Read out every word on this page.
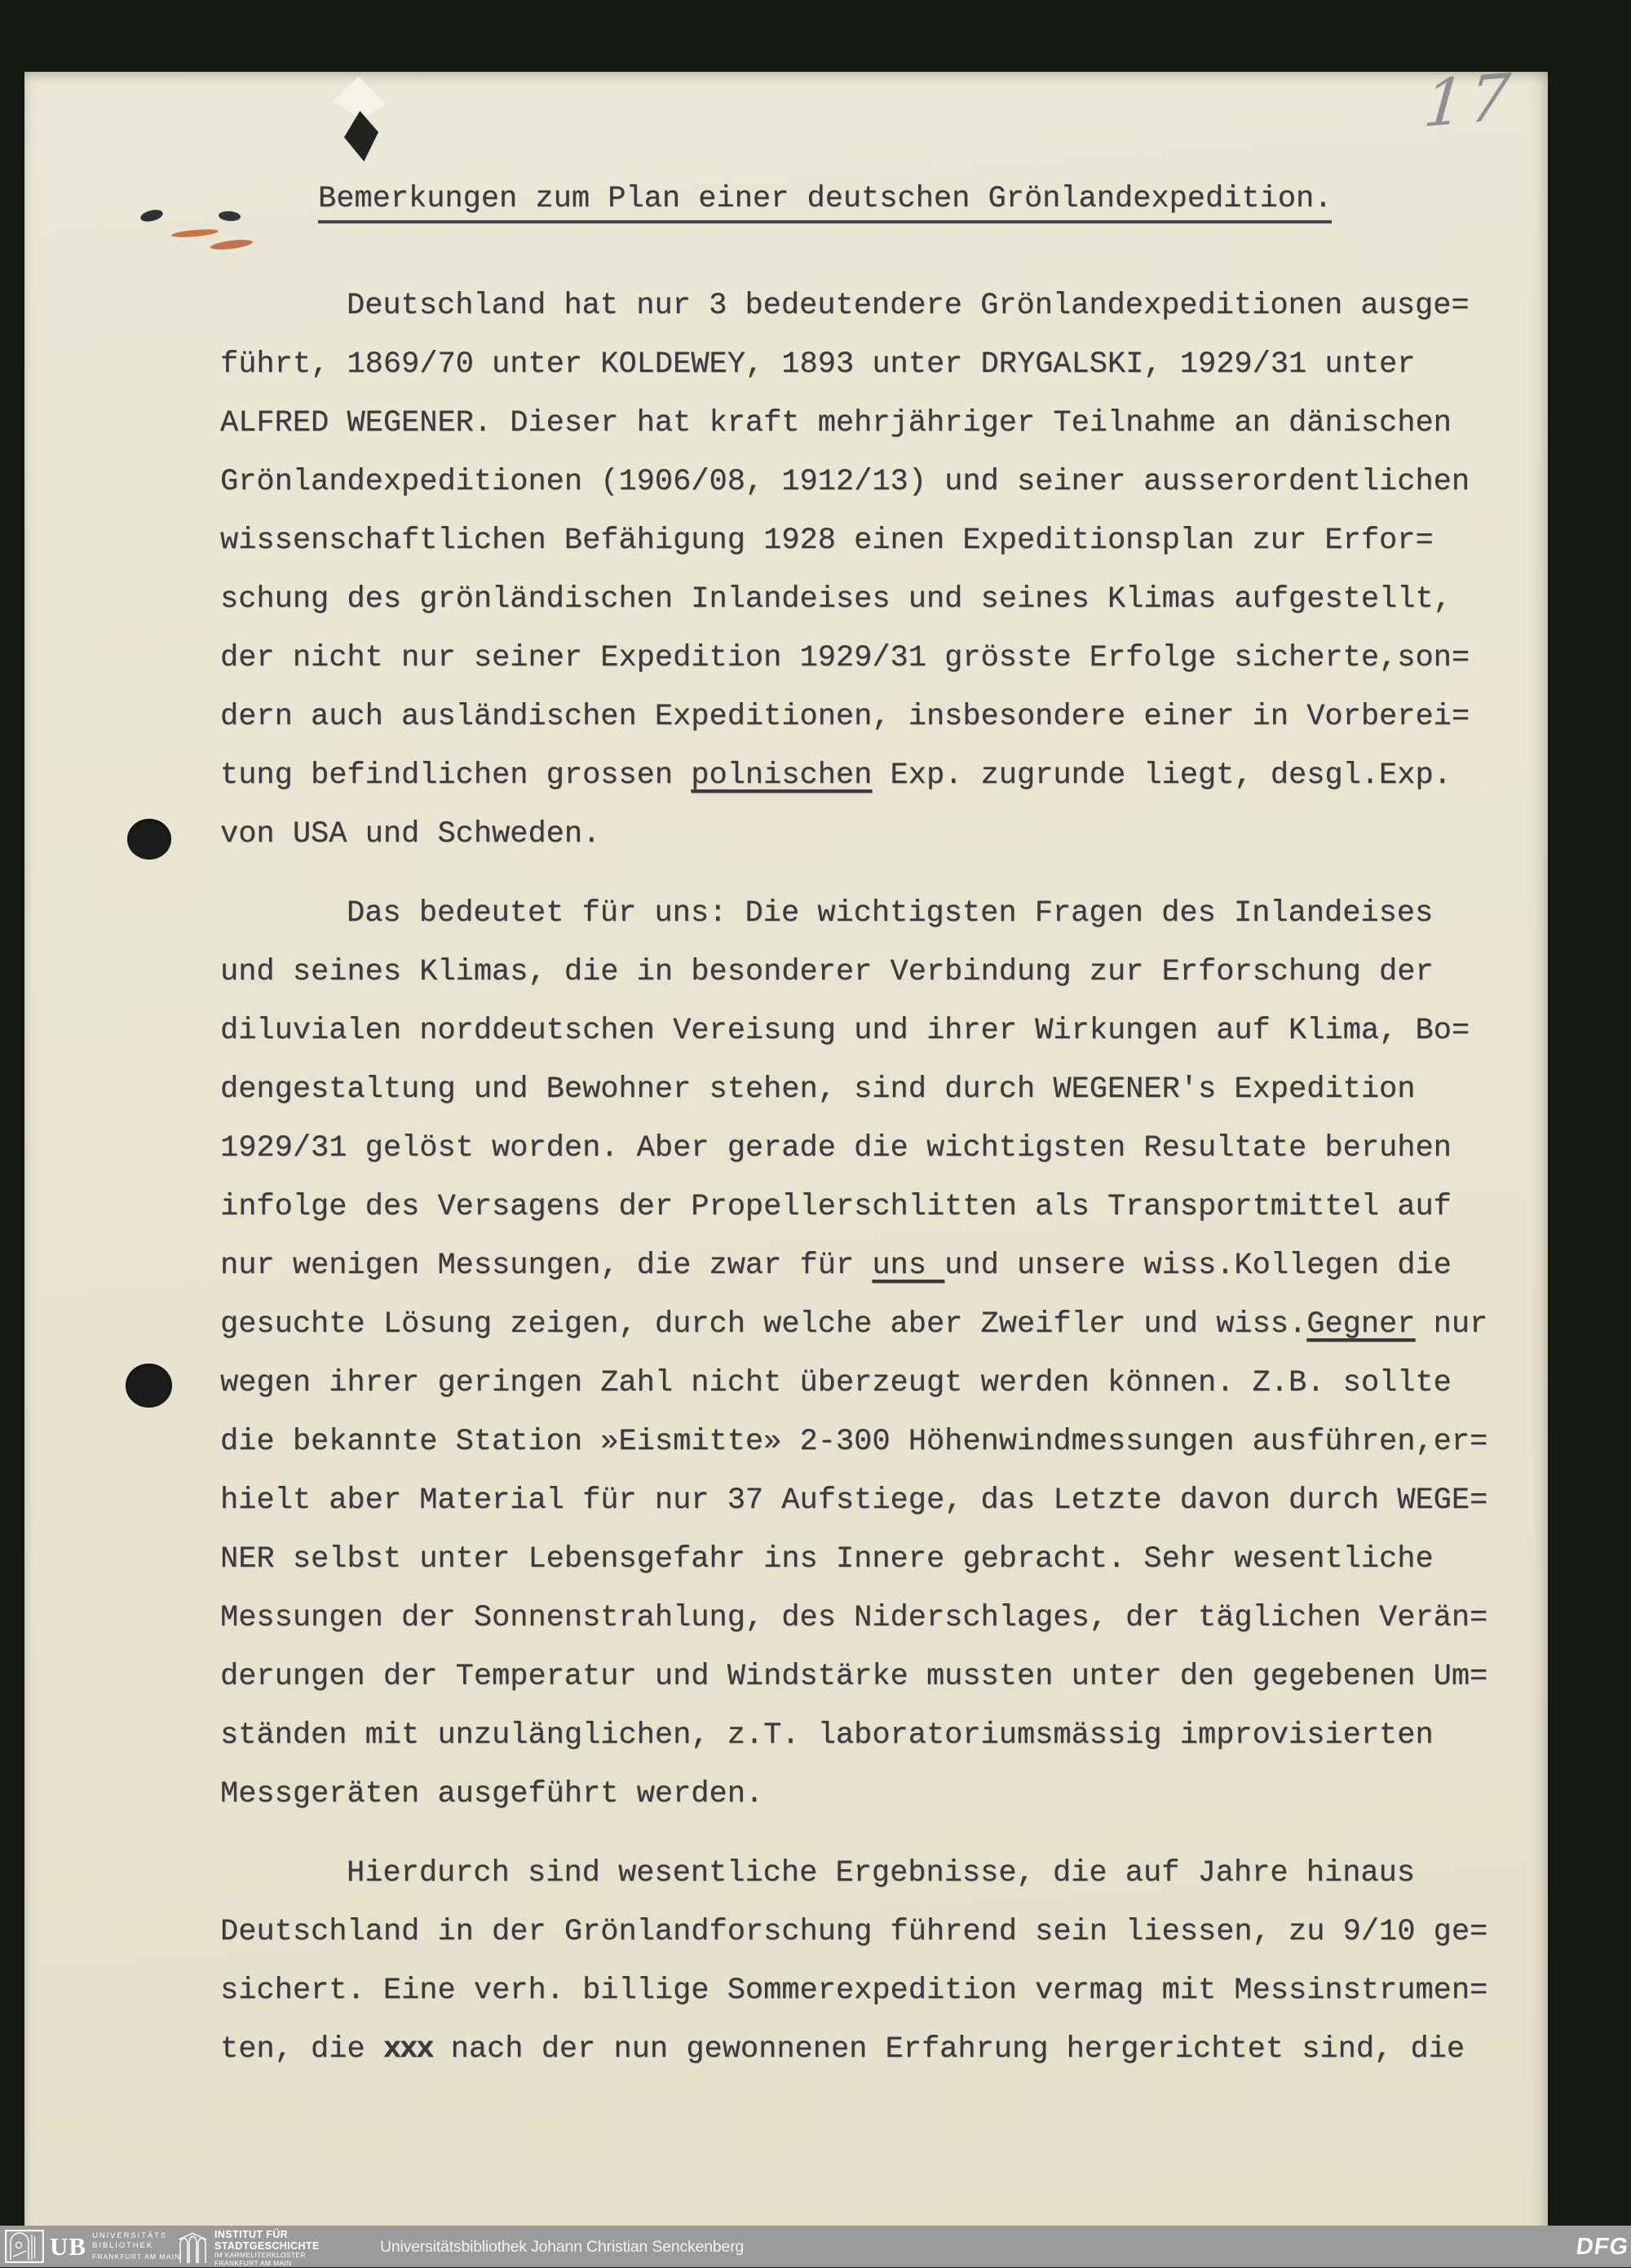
17
Bemerkungen zum Plan einer deutschen Grönlandexpedition.
Deutschland hat nur 3 bedeutendere Grönlandexpeditionen ausge=
führt, 1869/70 unter KOLDEWEY, 1893 unter DRYGALSKI, 1929/31 unter
ALFRED WEGENER. Dieser hat kraft mehrjähriger Teilnahme an dänischen
Grönlandexpeditionen (1906/08, 1912/13) und seiner ausserordentlichen
wissenschaftlichen Befähigung 1928 einen Expeditionsplan zur Erfor=
schung des grönländischen Inlandeises und seines Klimas aufgestellt,
der nicht nur seiner Expedition 1929/31 grösste Erfolge sicherte,son=
dern auch ausländischen Expeditionen, insbesondere einer in Vorberei=
tung befindlichen grossen polnischen Exp. zugrunde liegt, desgl.Exp.
von USA und Schweden.
Das bedeutet für uns: Die wichtigsten Fragen des Inlandeises
und seines Klimas, die in besonderer Verbindung zur Erforschung der
diluvialen norddeutschen Vereisung und ihrer Wirkungen auf Klima, Bo=
dengestaltung und Bewohner stehen, sind durch WEGENER's Expedition
1929/31 gelöst worden. Aber gerade die wichtigsten Resultate beruhen
infolge des Versagens der Propellerschlitten als Transportmittel auf
nur wenigen Messungen, die zwar für uns und unsere wiss.Kollegen die
gesuchte Lösung zeigen, durch welche aber Zweifler und wiss.Gegner nur
wegen ihrer geringen Zahl nicht überzeugt werden können. Z.B. sollte
die bekannte Station »Eismitte» 2-300 Höhenwindmessungen ausführen,er=
hielt aber Material für nur 37 Aufstiege, das Letzte davon durch WEGE=
NER selbst unter Lebensgefahr ins Innere gebracht. Sehr wesentliche
Messungen der Sonnenstrahlung, des Niderschlages, der täglichen Verän=
derungen der Temperatur und Windstärke mussten unter den gegebenen Um=
ständen mit unzulänglichen, z.T. laboratoriumsmässig improvisierten
Messgeräten ausgeführt werden.
Hierdurch sind wesentliche Ergebnisse, die auf Jahre hinaus
Deutschland in der Grönlandforschung führend sein liessen, zu 9/10 ge=
sichert. Eine verh. billige Sommerexpedition vermag mit Messinstrumen=
ten, die xxx nach der nun gewonnenen Erfahrung hergerichtet sind, die
UB UNIVERSITÄTS
BIBLIOTHEK
FRANKFURT AM MAIN
INSTITUT FÜR
STADTGESCHICHTE
IM KARMELITERKLOSTER
FRANKFURT AM MAIN
Universitätsbibliothek Johann Christian Senckenberg	DFG
